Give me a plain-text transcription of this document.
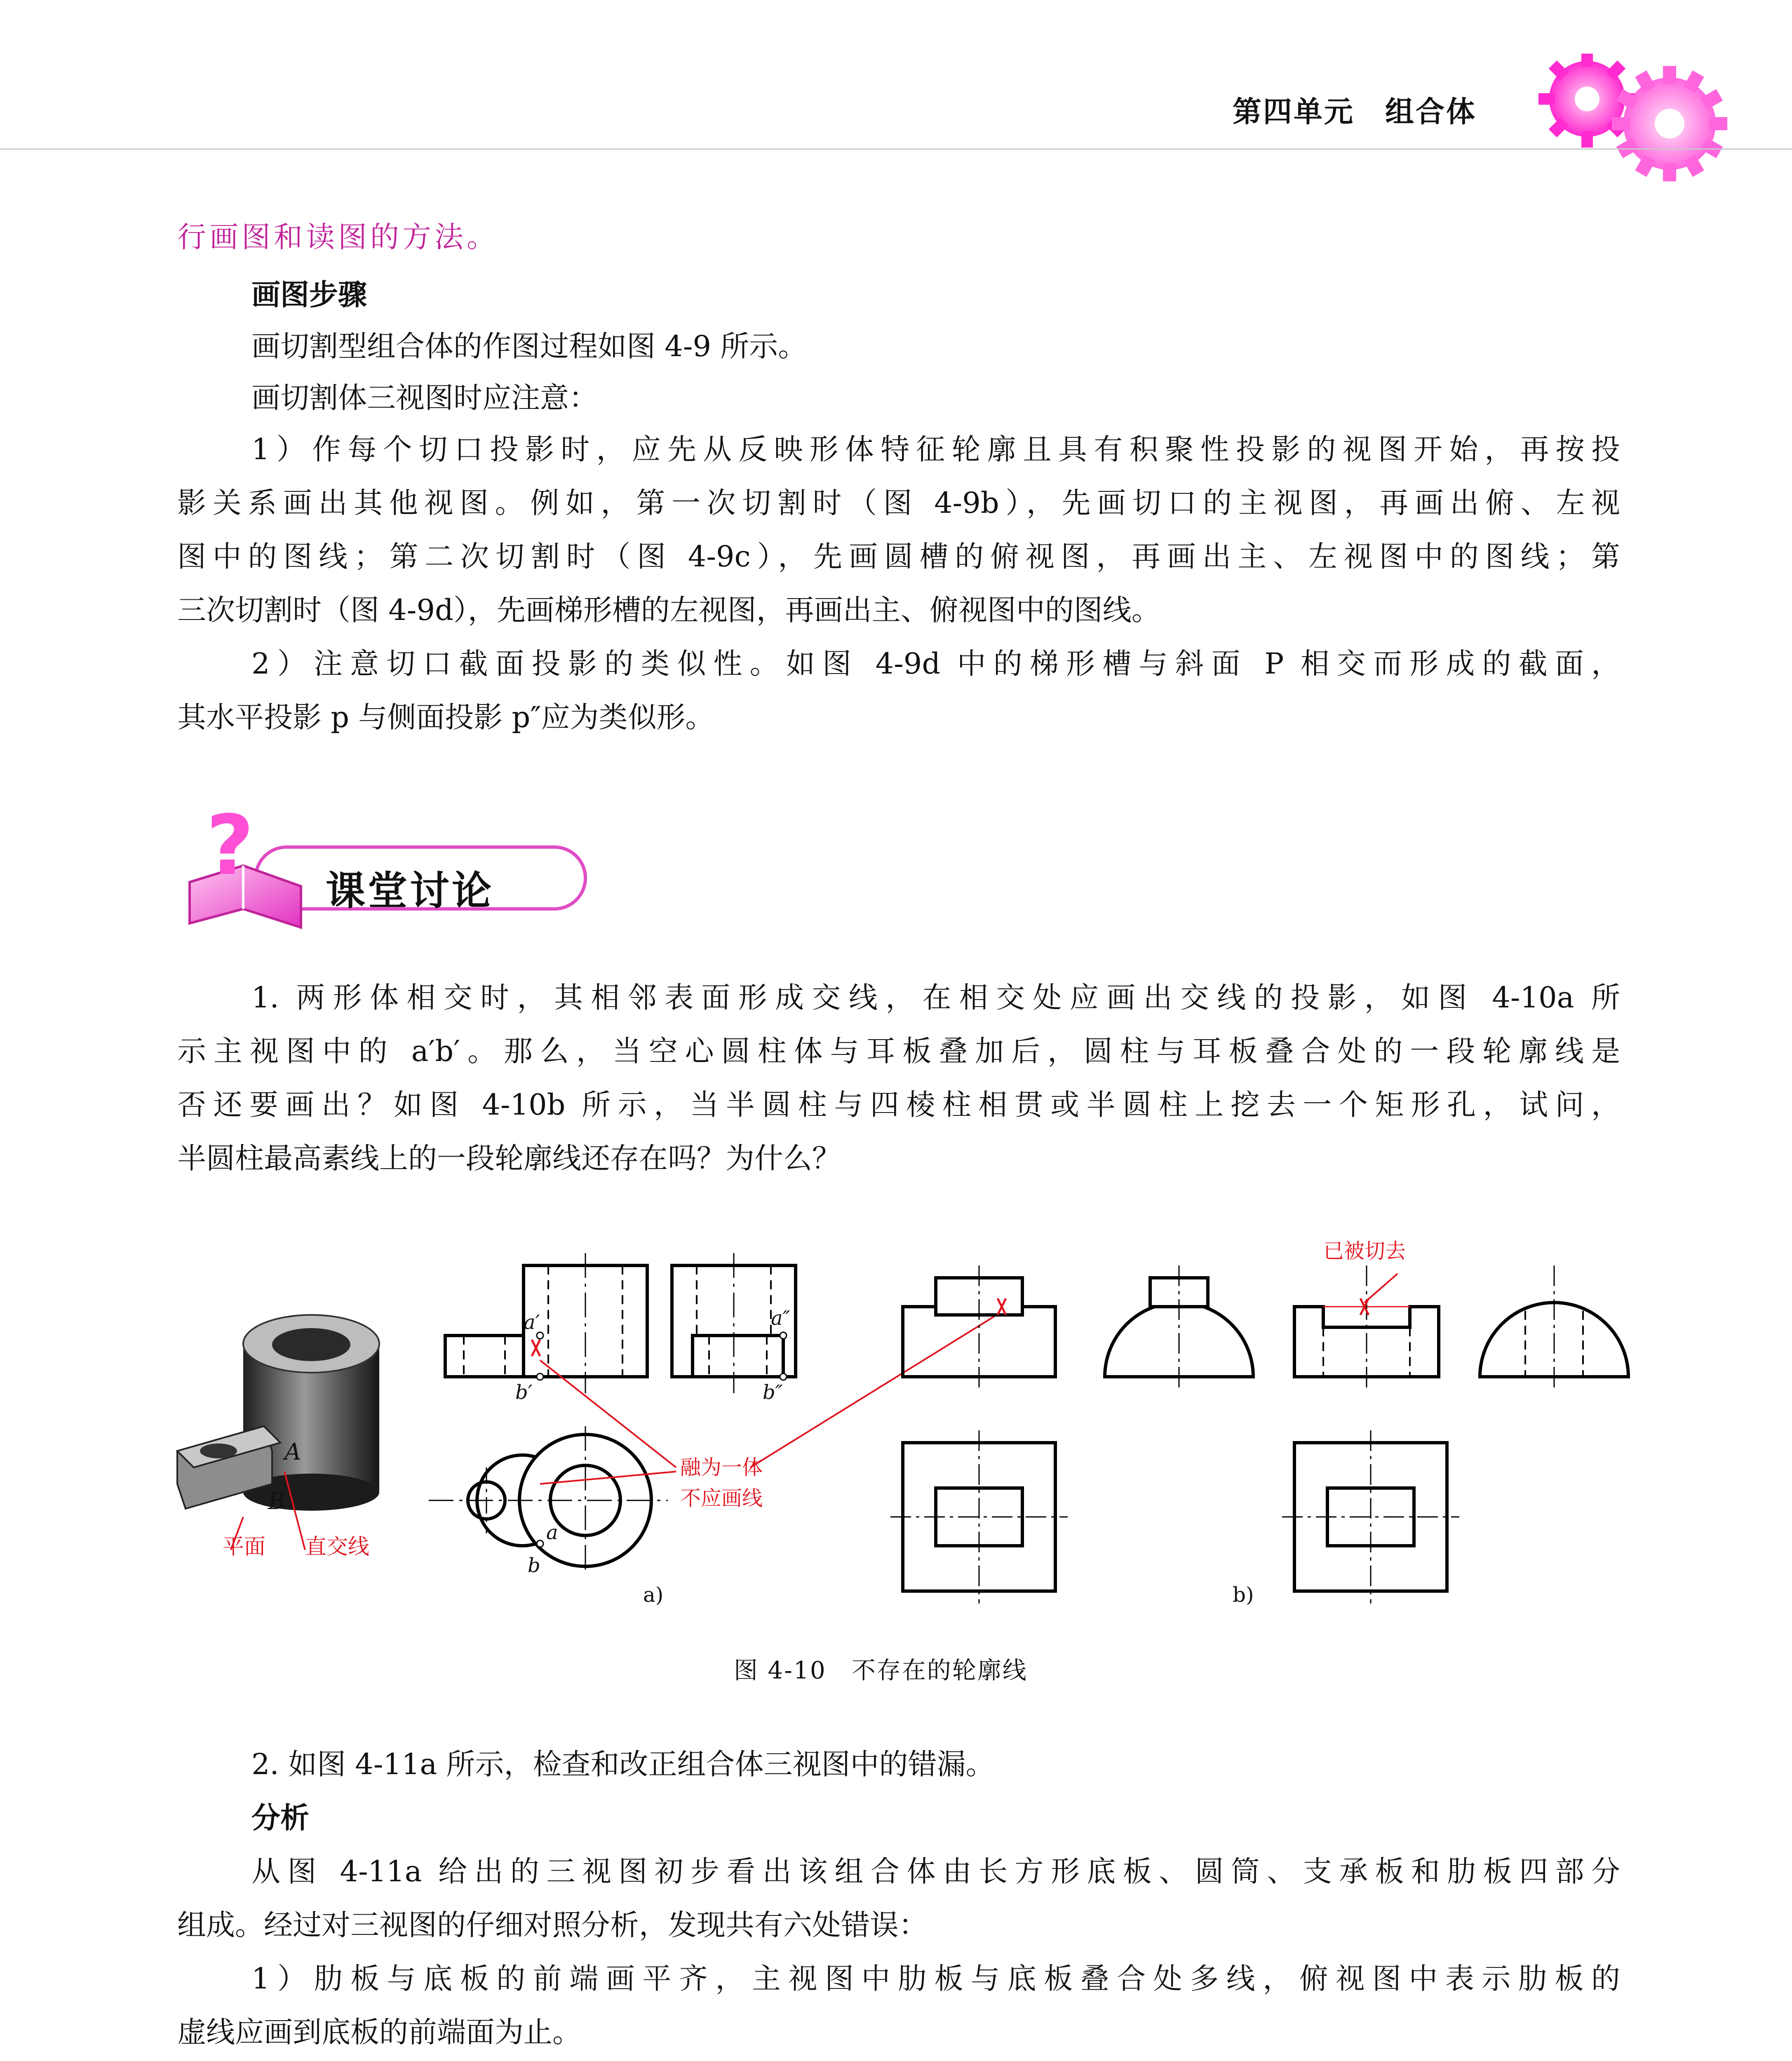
第四单元　组合体
行画图和读图的方法。
画图步骤
画切割型组合体的作图过程如图 4-9 所示。
画切割体三视图时应注意：
1）作每个切口投影时，应先从反映形体特征轮廓且具有积聚性投影的视图开始，再按投
影关系画出其他视图。例如，第一次切割时（图 4-9b），先画切口的主视图，再画出俯、左视
图中的图线；第二次切割时（图 4-9c），先画圆槽的俯视图，再画出主、左视图中的图线；第
三次切割时（图 4-9d），先画梯形槽的左视图，再画出主、俯视图中的图线。
2）注意切口截面投影的类似性。如图 4-9d 中的梯形槽与斜面 P 相交而形成的截面，
其水平投影 p 与侧面投影 p″应为类似形。
? 课堂讨论
1. 两形体相交时，其相邻表面形成交线，在相交处应画出交线的投影，如图 4-10a 所
示主视图中的 a′b′。那么，当空心圆柱体与耳板叠加后，圆柱与耳板叠合处的一段轮廓线是
否还要画出？如图 4-10b 所示，当半圆柱与四棱柱相贯或半圆柱上挖去一个矩形孔，试问，
半圆柱最高素线上的一段轮廓线还存在吗？为什么？
A
B
平面 直交线
a′
b′
a″
b″
a
b
融为一体
不应画线
已被切去
a)	b)
图 4-10　不存在的轮廓线
2. 如图 4-11a 所示，检查和改正组合体三视图中的错漏。
分析
从图 4-11a 给出的三视图初步看出该组合体由长方形底板、圆筒、支承板和肋板四部分
组成。经过对三视图的仔细对照分析，发现共有六处错误：
1）肋板与底板的前端画平齐，主视图中肋板与底板叠合处多线，俯视图中表示肋板的
虚线应画到底板的前端面为止。
